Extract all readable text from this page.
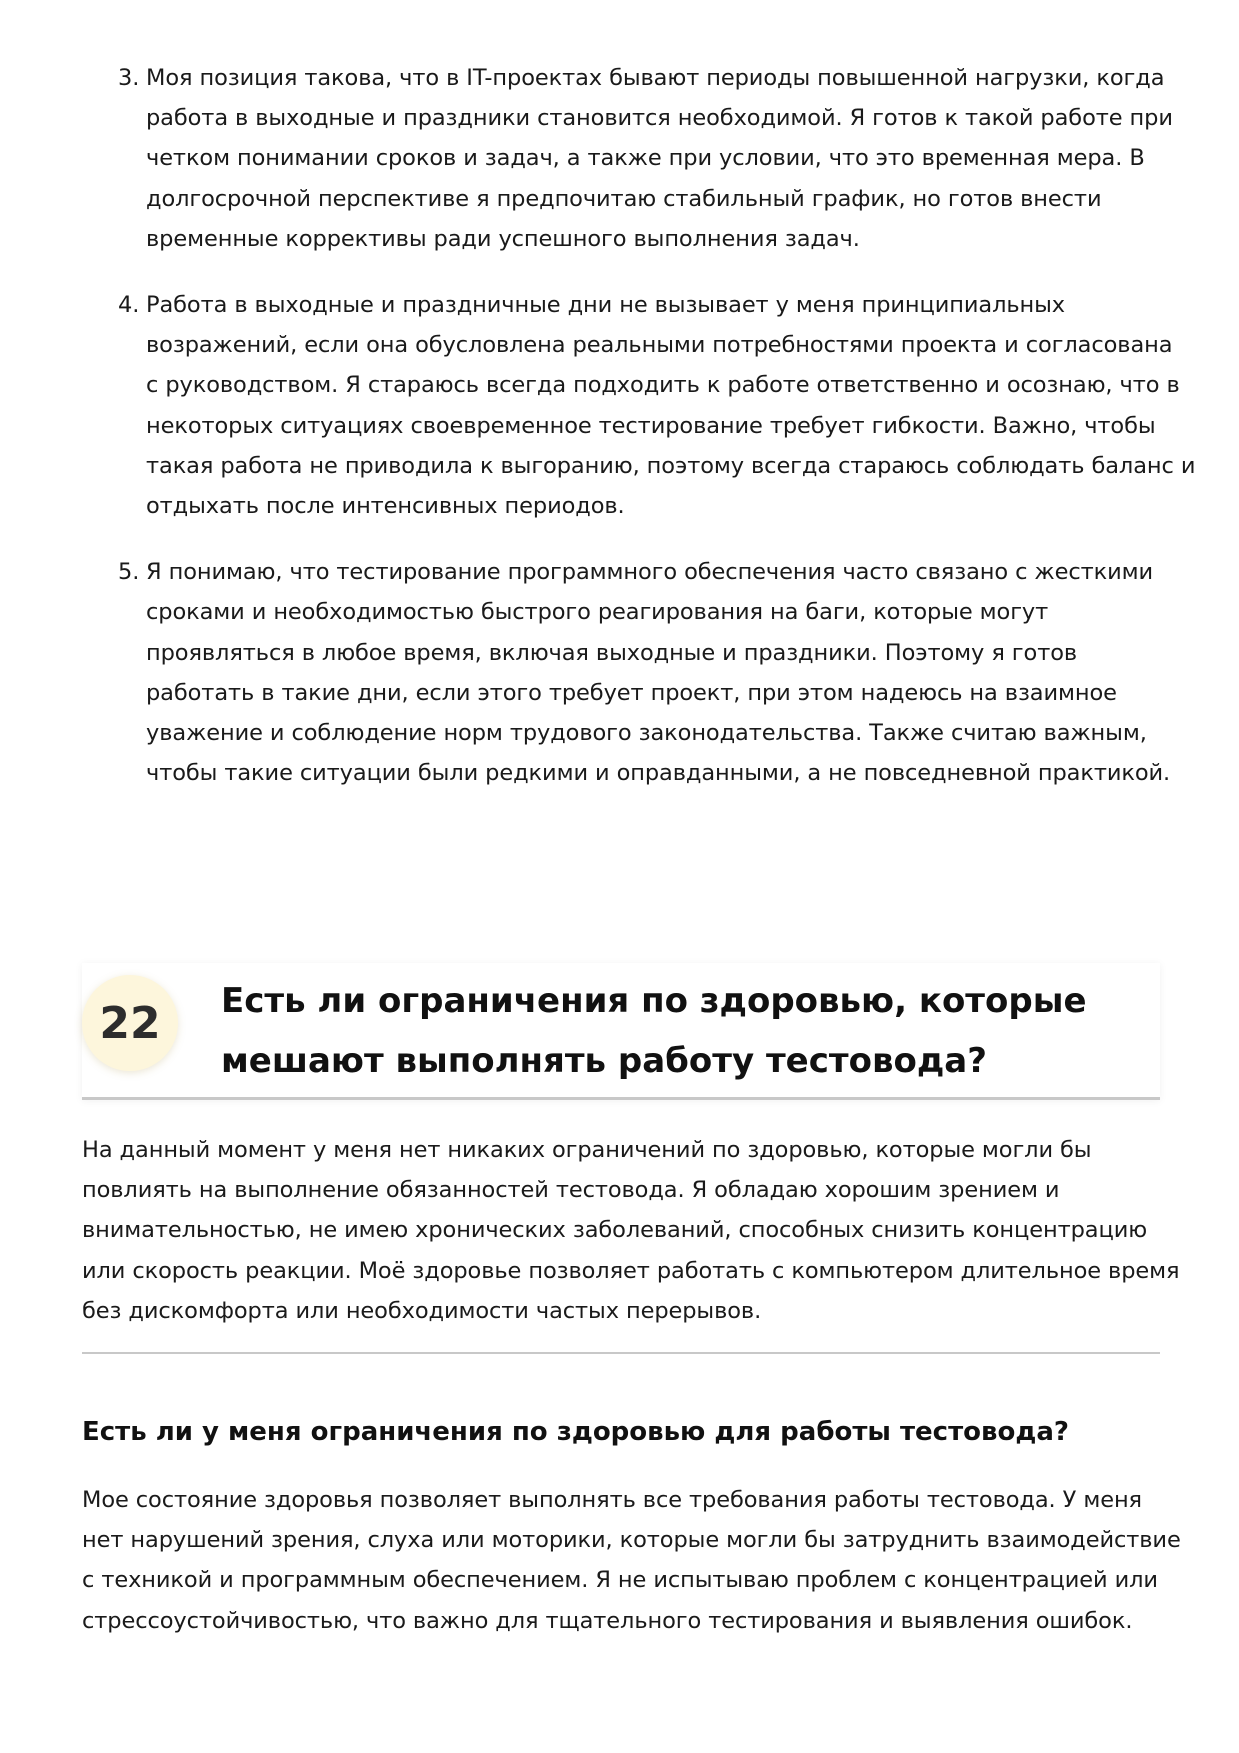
3. Моя позиция такова, что в IT-проектах бывают периоды повышенной нагрузки, когда
работа в выходные и праздники становится необходимой. Я готов к такой работе при
четком понимании сроков и задач, а также при условии, что это временная мера. В
долгосрочной перспективе я предпочитаю стабильный график, но готов внести
временные коррективы ради успешного выполнения задач.
4. Работа в выходные и праздничные дни не вызывает у меня принципиальных
возражений, если она обусловлена реальными потребностями проекта и согласована
с руководством. Я стараюсь всегда подходить к работе ответственно и осознаю, что в
некоторых ситуациях своевременное тестирование требует гибкости. Важно, чтобы
такая работа не приводила к выгоранию, поэтому всегда стараюсь соблюдать баланс и
отдыхать после интенсивных периодов.
5. Я понимаю, что тестирование программного обеспечения часто связано с жесткими
сроками и необходимостью быстрого реагирования на баги, которые могут
проявляться в любое время, включая выходные и праздники. Поэтому я готов
работать в такие дни, если этого требует проект, при этом надеюсь на взаимное
уважение и соблюдение норм трудового законодательства. Также считаю важным,
чтобы такие ситуации были редкими и оправданными, а не повседневной практикой.
22 Есть ли ограничения по здоровью, которые
мешают выполнять работу тестовода?
На данный момент у меня нет никаких ограничений по здоровью, которые могли бы
повлиять на выполнение обязанностей тестовода. Я обладаю хорошим зрением и
внимательностью, не имею хронических заболеваний, способных снизить концентрацию
или скорость реакции. Моё здоровье позволяет работать с компьютером длительное время
без дискомфорта или необходимости частых перерывов.
Есть ли у меня ограничения по здоровью для работы тестовода?
Мое состояние здоровья позволяет выполнять все требования работы тестовода. У меня
нет нарушений зрения, слуха или моторики, которые могли бы затруднить взаимодействие
с техникой и программным обеспечением. Я не испытываю проблем с концентрацией или
стрессоустойчивостью, что важно для тщательного тестирования и выявления ошибок.
